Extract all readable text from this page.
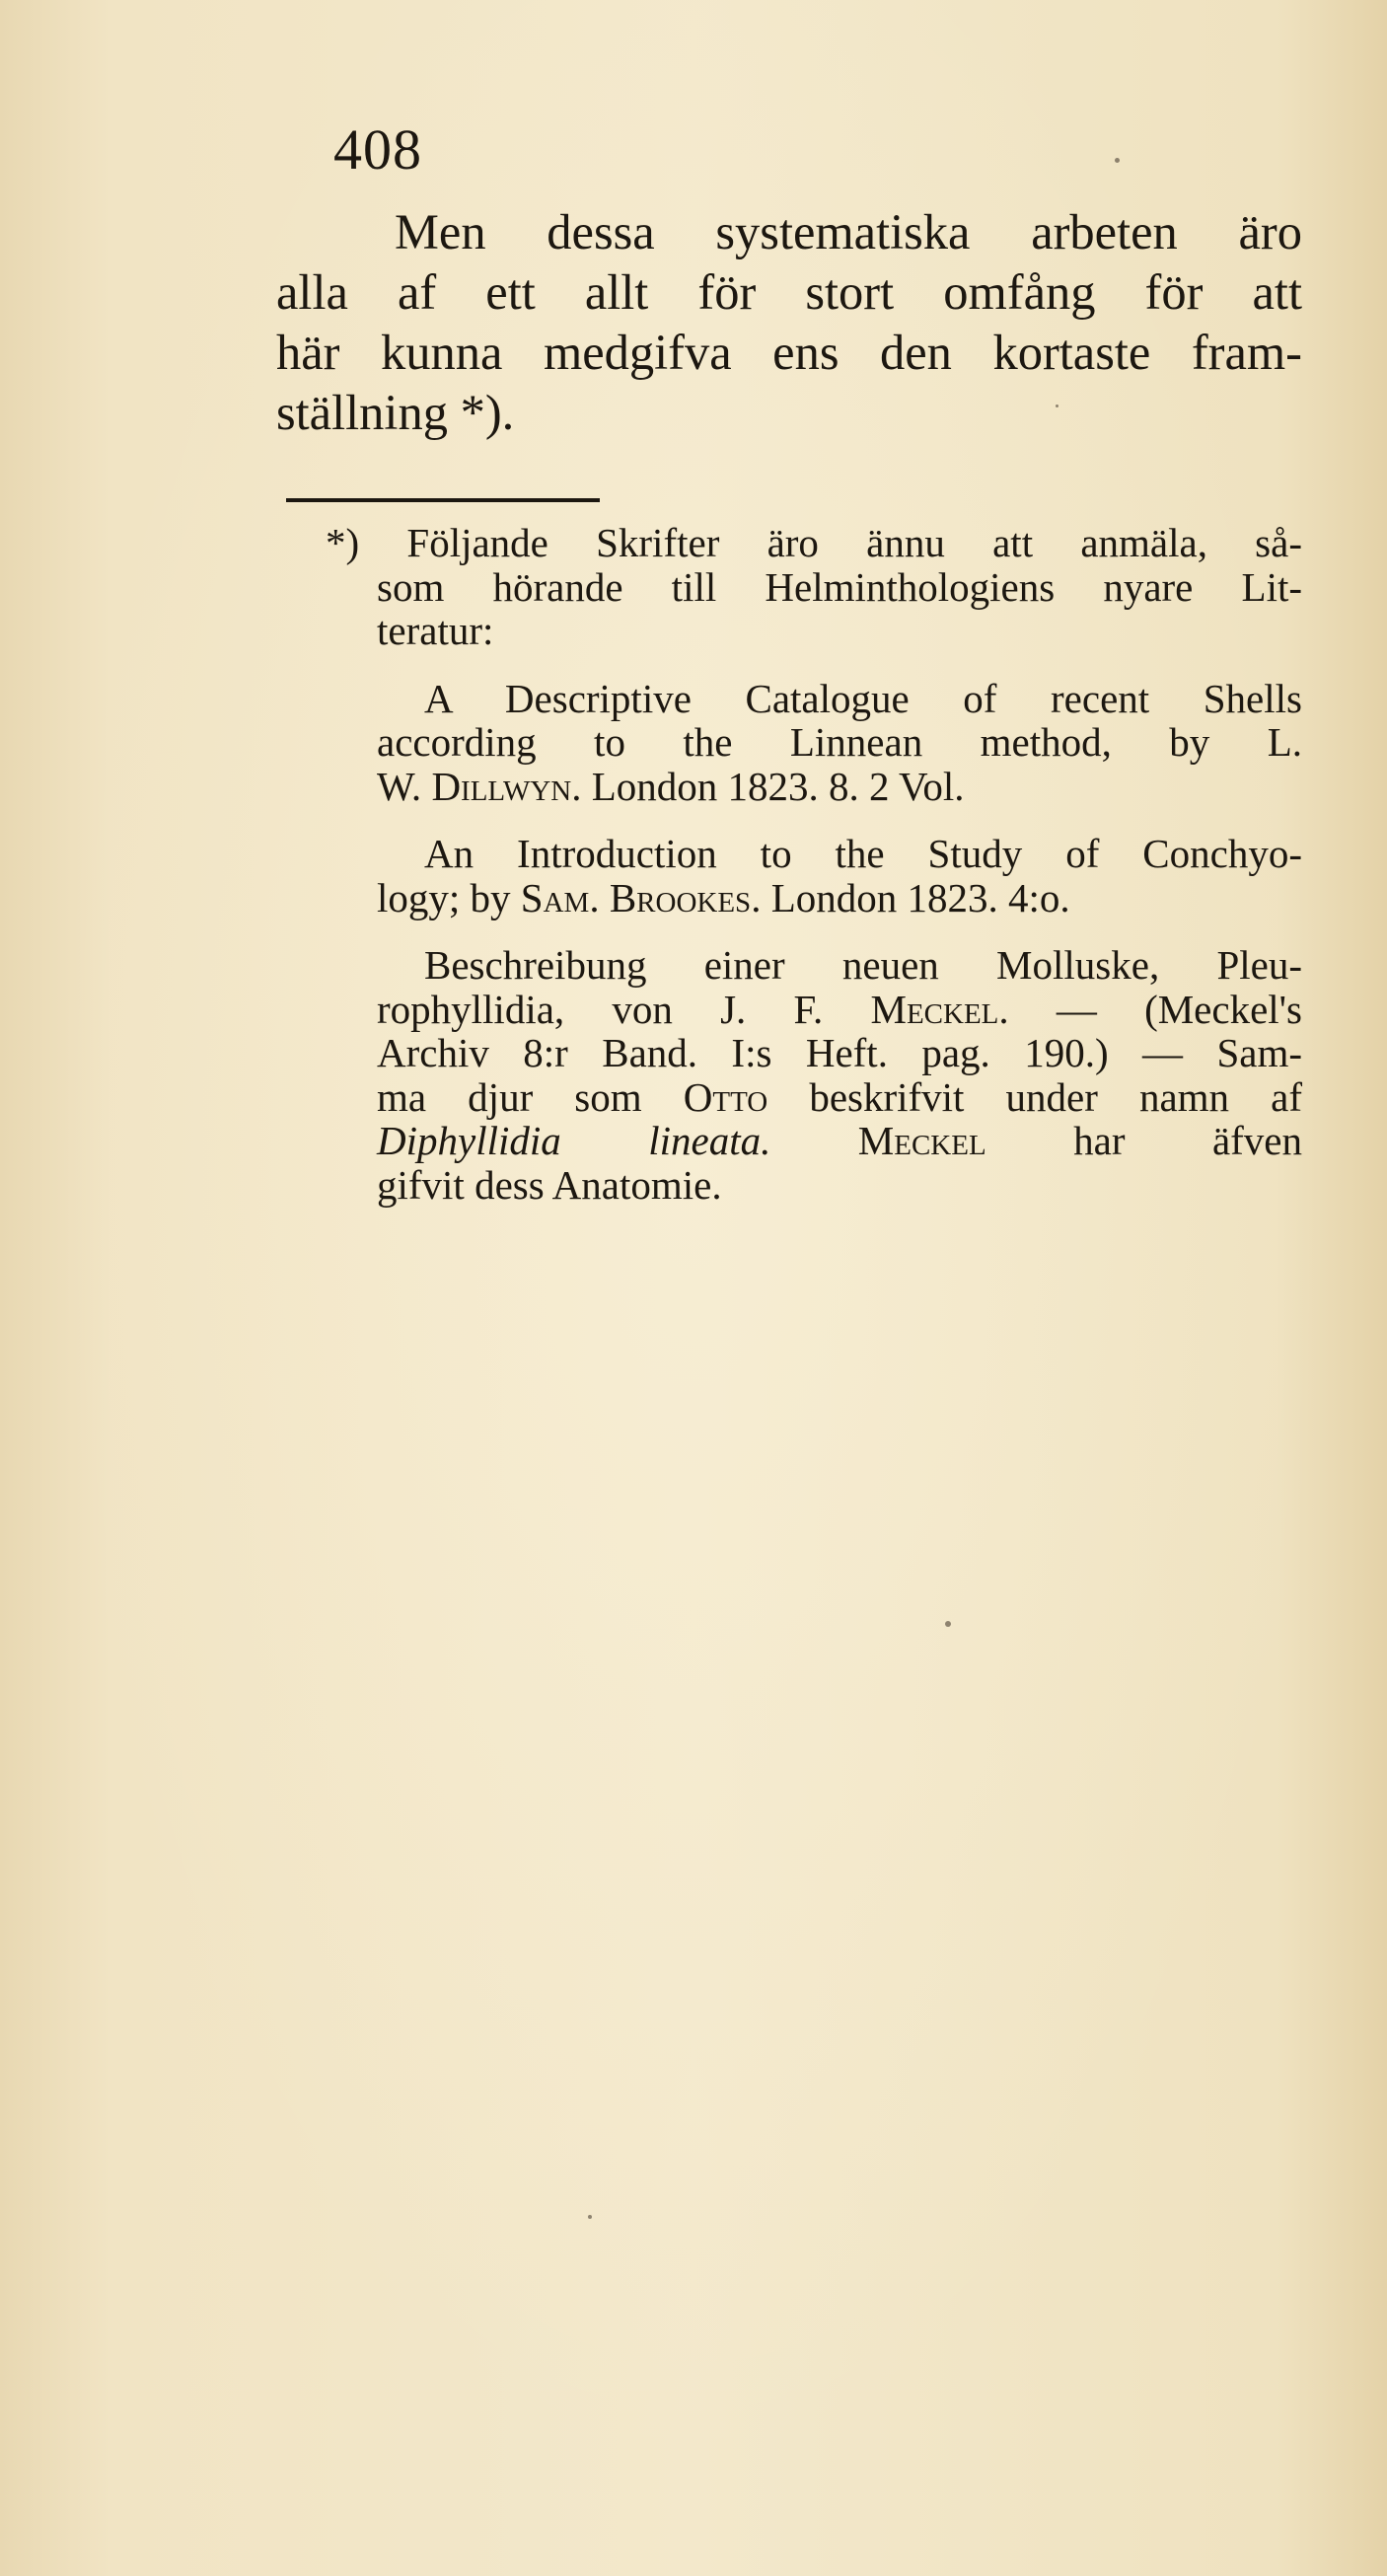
408
Men dessa systematiska arbeten äro
alla af ett allt för stort omfång för att
här kunna medgifva ens den kortaste fram-
ställning *).
*) Följande Skrifter äro ännu att anmäla, så-
som hörande till Helminthologiens nyare Lit-
teratur:
A Descriptive Catalogue of recent Shells
according to the Linnean method, by L.
W. Dillwyn. London 1823. 8. 2 Vol.
An Introduction to the Study of Conchyo-
logy; by Sam. Brookes. London 1823. 4:o.
Beschreibung einer neuen Molluske, Pleu-
rophyllidia, von J. F. Meckel. — (Meckel's
Archiv 8:r Band. I:s Heft. pag. 190.) — Sam-
ma djur som Otto beskrifvit under namn af
Diphyllidia lineata. Meckel har äfven
gifvit dess Anatomie.
